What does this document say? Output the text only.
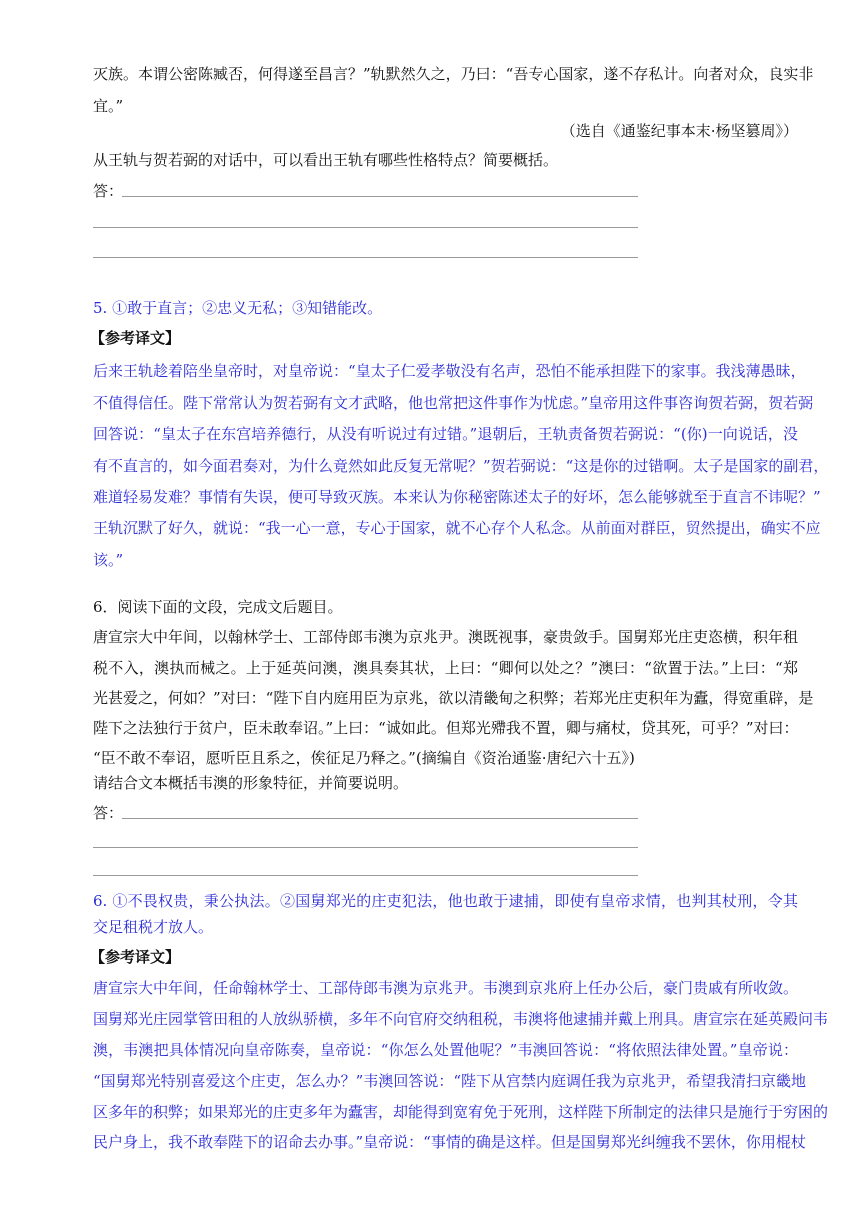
灭族。本谓公密陈臧否，何得遂至昌言？”轨默然久之，乃曰：“吾专心国家，遂不存私计。向者对众，良实非
宜。”
（选自《通鉴纪事本末·杨坚篡周》）
从王轨与贺若弼的对话中，可以看出王轨有哪些性格特点？简要概括。
答：
5. ①敢于直言；②忠义无私；③知错能改。
【参考译文】
后来王轨趁着陪坐皇帝时，对皇帝说：“皇太子仁爱孝敬没有名声，恐怕不能承担陛下的家事。我浅薄愚昧，
不值得信任。陛下常常认为贺若弼有文才武略，他也常把这件事作为忧虑。”皇帝用这件事咨询贺若弼，贺若弼
回答说：“皇太子在东宫培养德行，从没有听说过有过错。”退朝后，王轨责备贺若弼说：“(你)一向说话，没
有不直言的，如今面君奏对，为什么竟然如此反复无常呢？”贺若弼说：“这是你的过错啊。太子是国家的副君，
难道轻易发难？事情有失误，便可导致灭族。本来认为你秘密陈述太子的好坏，怎么能够就至于直言不讳呢？”
王轨沉默了好久，就说：“我一心一意，专心于国家，就不心存个人私念。从前面对群臣，贸然提出，确实不应
该。”
6．阅读下面的文段，完成文后题目。
唐宣宗大中年间，以翰林学士、工部侍郎韦澳为京兆尹。澳既视事，豪贵敛手。国舅郑光庄吏恣横，积年租
税不入，澳执而械之。上于延英问澳，澳具奏其状，上曰：“卿何以处之？”澳曰：“欲置于法。”上曰：“郑
光甚爱之，何如？”对曰：“陛下自内庭用臣为京兆，欲以清畿甸之积弊；若郑光庄吏积年为蠹，得宽重辟，是
陛下之法独行于贫户，臣未敢奉诏。”上曰：“诚如此。但郑光殢我不置，卿与痛杖，贷其死，可乎？”对曰：
“臣不敢不奉诏，愿听臣且系之，俟征足乃释之。”(摘编自《资治通鉴·唐纪六十五》)
请结合文本概括韦澳的形象特征，并简要说明。
答：
6. ①不畏权贵，秉公执法。②国舅郑光的庄吏犯法，他也敢于逮捕，即使有皇帝求情，也判其杖刑，令其
交足租税才放人。
【参考译文】
唐宣宗大中年间，任命翰林学士、工部侍郎韦澳为京兆尹。韦澳到京兆府上任办公后，豪门贵戚有所收敛。
国舅郑光庄园掌管田租的人放纵骄横，多年不向官府交纳租税，韦澳将他逮捕并戴上刑具。唐宣宗在延英殿问韦
澳，韦澳把具体情况向皇帝陈奏，皇帝说：“你怎么处置他呢？”韦澳回答说：“将依照法律处置。”皇帝说：
“国舅郑光特别喜爱这个庄吏，怎么办？”韦澳回答说：“陛下从宫禁内庭调任我为京兆尹，希望我清扫京畿地
区多年的积弊；如果郑光的庄吏多年为蠹害，却能得到宽宥免于死刑，这样陛下所制定的法律只是施行于穷困的
民户身上，我不敢奉陛下的诏命去办事。”皇帝说：“事情的确是这样。但是国舅郑光纠缠我不罢休，你用棍杖
